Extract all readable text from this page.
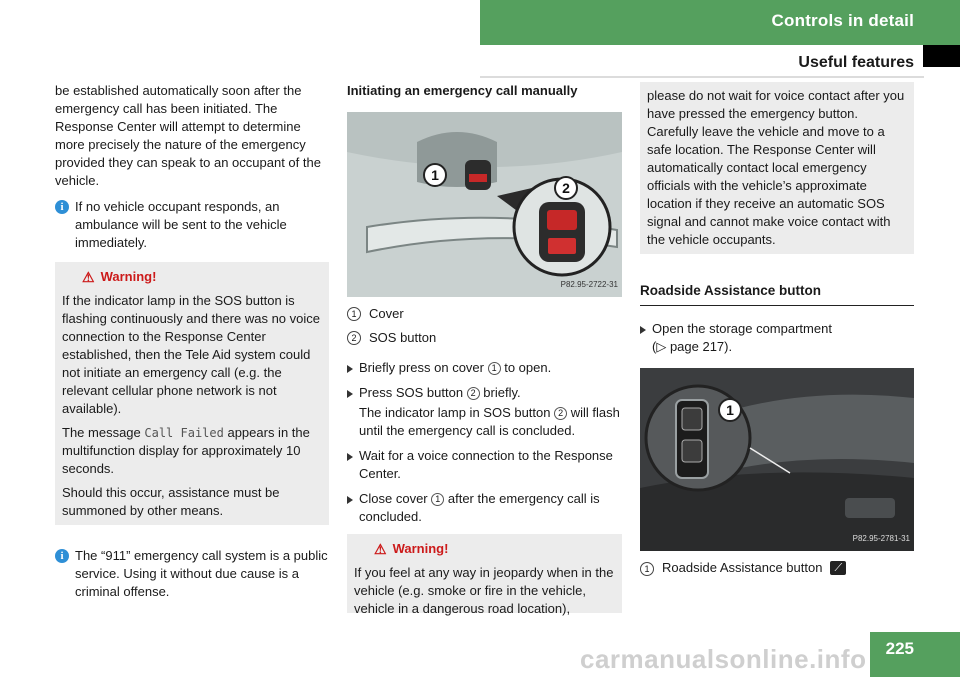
Controls in detail
Useful features

be established automatically soon after the emergency call has been initiated. The Response Center will attempt to determine more precisely the nature of the emergency provided they can speak to an occupant of the vehicle.

i If no vehicle occupant responds, an ambulance will be sent to the vehicle immediately.
⚠ Warning!

If the indicator lamp in the SOS button is flashing continuously and there was no voice connection to the Response Center established, then the Tele Aid system could not initiate an emergency call (e.g. the relevant cellular phone network is not available).

The message Call Failed appears in the multifunction display for approximately 10 seconds.

Should this occur, assistance must be summoned by other means.

i The “911” emergency call system is a public service. Using it without due cause is a criminal offense.
Initiating an emergency call manually
1
2
P82.95-2722-31
1 Cover
2 SOS button
Briefly press on cover 1 to open.
Press SOS button 2 briefly.

The indicator lamp in SOS button 2 will flash until the emergency call is concluded.

Wait for a voice connection to the Response Center.
Close cover 1 after the emergency call is concluded.
⚠ Warning!

If you feel at any way in jeopardy when in the vehicle (e.g. smoke or fire in the vehicle, vehicle in a dangerous road location),

please do not wait for voice contact after you have pressed the emergency button. Carefully leave the vehicle and move to a safe location. The Response Center will automatically contact local emergency officials with the vehicle’s approximate location if they receive an automatic SOS signal and cannot make voice contact with the vehicle occupants.

Roadside Assistance button
Open the storage compartment
(▷ page 217).
1
P82.95-2781-31
1 Roadside Assistance button	⟋
225
carmanualsonline.info
